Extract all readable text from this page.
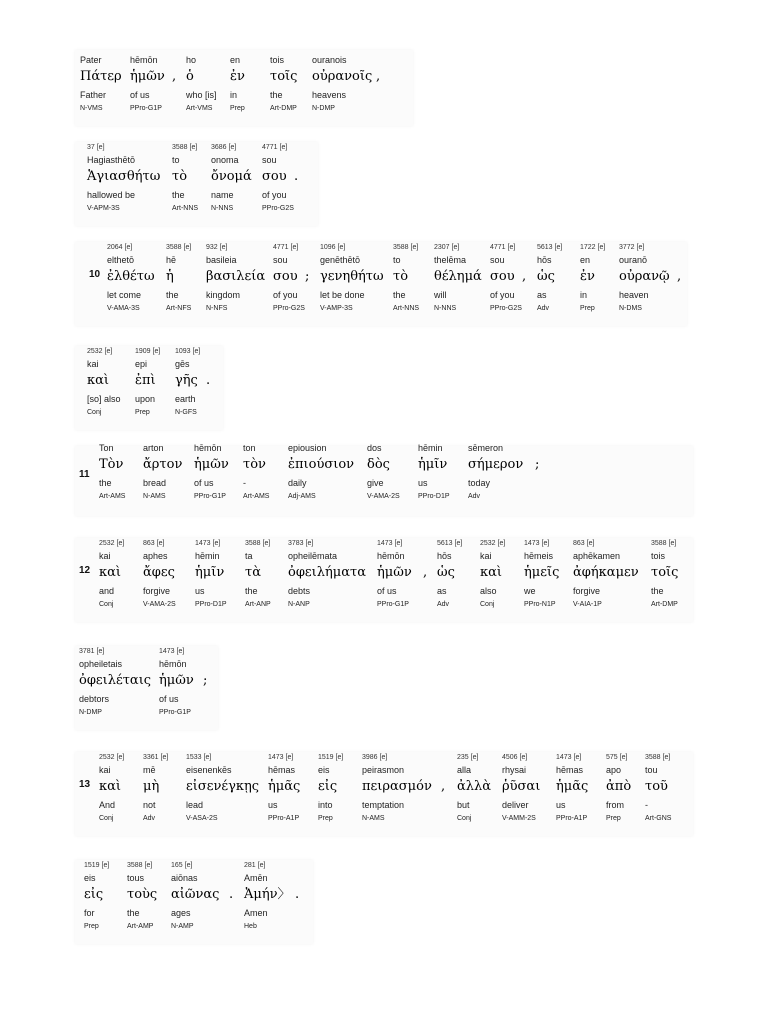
Pater
Πάτερ
Father
N-VMS
hēmōn
ἡμῶν
of us
PPro-G1P
,
ho
ὁ
who [is]
Art-VMS
en
ἐν
in
Prep
tois
τοῖς
the
Art-DMP
ouranois
οὐρανοῖς
heavens
N-DMP
,
37 [e]
Hagiasthētō
Ἁγιασθήτω
hallowed be
V-APM-3S
3588 [e]
to
τὸ
the
Art-NNS
3686 [e]
onoma
ὄνομά
name
N-NNS
4771 [e]
sou
σου
of you
PPro-G2S
.
10
2064 [e]
elthetō
ἐλθέτω
let come
V-AMA-3S
3588 [e]
hē
ἡ
the
Art-NFS
932 [e]
basileia
βασιλεία
kingdom
N-NFS
4771 [e]
sou
σου
of you
PPro-G2S
;
1096 [e]
genēthētō
γενηθήτω
let be done
V-AMP-3S
3588 [e]
to
τὸ
the
Art-NNS
2307 [e]
thelēma
θέλημά
will
N-NNS
4771 [e]
sou
σου
of you
PPro-G2S
,
5613 [e]
hōs
ὡς
as
Adv
1722 [e]
en
ἐν
in
Prep
3772 [e]
ouranō
οὐρανῷ
heaven
N-DMS
,
2532 [e]
kai
καὶ
[so] also
Conj
1909 [e]
epi
ἐπὶ
upon
Prep
1093 [e]
gēs
γῆς
earth
N-GFS
.
11
Ton
Τὸν
the
Art-AMS
arton
ἄρτον
bread
N-AMS
hēmōn
ἡμῶν
of us
PPro-G1P
ton
τὸν
-
Art-AMS
epiousion
ἐπιούσιον
daily
Adj-AMS
dos
δὸς
give
V-AMA-2S
hēmin
ἡμῖν
us
PPro-D1P
sēmeron
σήμερον
today
Adv
;
12
2532 [e]
kai
καὶ
and
Conj
863 [e]
aphes
ἄφες
forgive
V-AMA-2S
1473 [e]
hēmin
ἡμῖν
us
PPro-D1P
3588 [e]
ta
τὰ
the
Art-ANP
3783 [e]
opheilēmata
ὀφειλήματα
debts
N-ANP
1473 [e]
hēmōn
ἡμῶν
of us
PPro-G1P
,
5613 [e]
hōs
ὡς
as
Adv
2532 [e]
kai
καὶ
also
Conj
1473 [e]
hēmeis
ἡμεῖς
we
PPro-N1P
863 [e]
aphēkamen
ἀφήκαμεν
forgive
V-AIA-1P
3588 [e]
tois
τοῖς
the
Art-DMP
3781 [e]
opheiletais
ὀφειλέταις
debtors
N-DMP
1473 [e]
hēmōn
ἡμῶν
of us
PPro-G1P
;
13
2532 [e]
kai
καὶ
And
Conj
3361 [e]
mē
μὴ
not
Adv
1533 [e]
eisenenkēs
εἰσενέγκῃς
lead
V-ASA-2S
1473 [e]
hēmas
ἡμᾶς
us
PPro-A1P
1519 [e]
eis
εἰς
into
Prep
3986 [e]
peirasmon
πειρασμόν
temptation
N-AMS
,
235 [e]
alla
ἀλλὰ
but
Conj
4506 [e]
rhysai
ῥῦσαι
deliver
V-AMM-2S
1473 [e]
hēmas
ἡμᾶς
us
PPro-A1P
575 [e]
apo
ἀπὸ
from
Prep
3588 [e]
tou
τοῦ
-
Art-GNS
1519 [e]
eis
εἰς
for
Prep
3588 [e]
tous
τοὺς
the
Art-AMP
165 [e]
aiōnas
αἰῶνας
ages
N-AMP
.
281 [e]
Amēn
Ἀμήν〉
Amen
Heb
.
